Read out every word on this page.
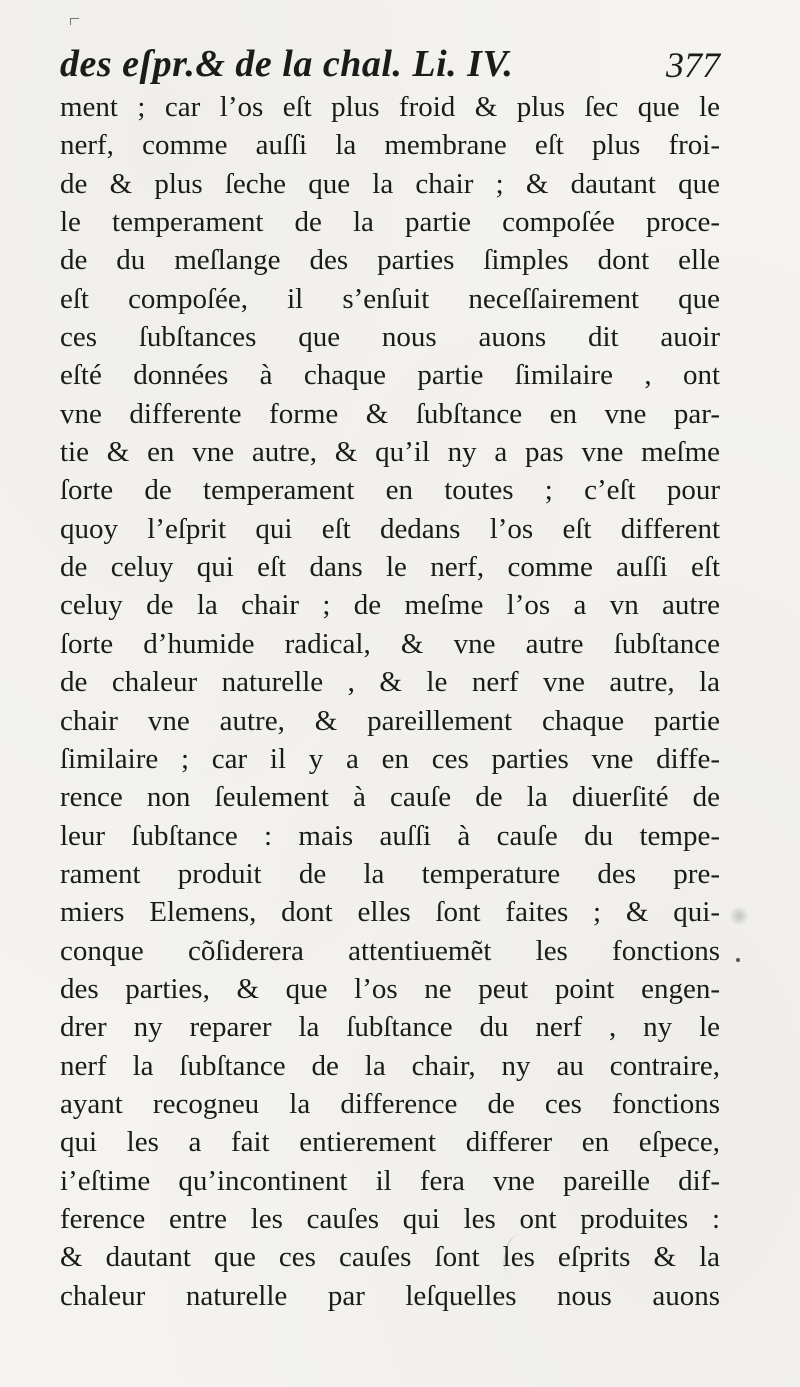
des eſpr.& de la chal. Li. IV.	377
ment ; car l’os eſt plus froid & plus ſec que le
nerf, comme auſſi la membrane eſt plus froi-
de & plus ſeche que la chair ; & dautant que
le temperament de la partie compoſée proce-
de du meſlange des parties ſimples dont elle
eſt compoſée, il s’enſuit neceſſairement que
ces ſubſtances que nous auons dit auoir
eſté données à chaque partie ſimilaire , ont
vne differente forme & ſubſtance en vne par-
tie & en vne autre, & qu’il ny a pas vne meſme
ſorte de temperament en toutes ; c’eſt pour
quoy l’eſprit qui eſt dedans l’os eſt different
de celuy qui eſt dans le nerf, comme auſſi eſt
celuy de la chair ; de meſme l’os a vn autre
ſorte d’humide radical, & vne autre ſubſtance
de chaleur naturelle , & le nerf vne autre, la
chair vne autre, & pareillement chaque partie
ſimilaire ; car il y a en ces parties vne diffe-
rence non ſeulement à cauſe de la diuerſité de
leur ſubſtance : mais auſſi à cauſe du tempe-
rament produit de la temperature des pre-
miers Elemens, dont elles ſont faites ; & qui-
conque cõſiderera attentiuemẽt les fonctions
des parties, & que l’os ne peut point engen-
drer ny reparer la ſubſtance du nerf , ny le
nerf la ſubſtance de la chair, ny au contraire,
ayant recogneu la difference de ces fonctions
qui les a fait entierement differer en eſpece,
i’eſtime qu’incontinent il fera vne pareille dif-
ference entre les cauſes qui les ont produites :
& dautant que ces cauſes ſont les eſprits & la
chaleur naturelle par leſquelles nous auons
